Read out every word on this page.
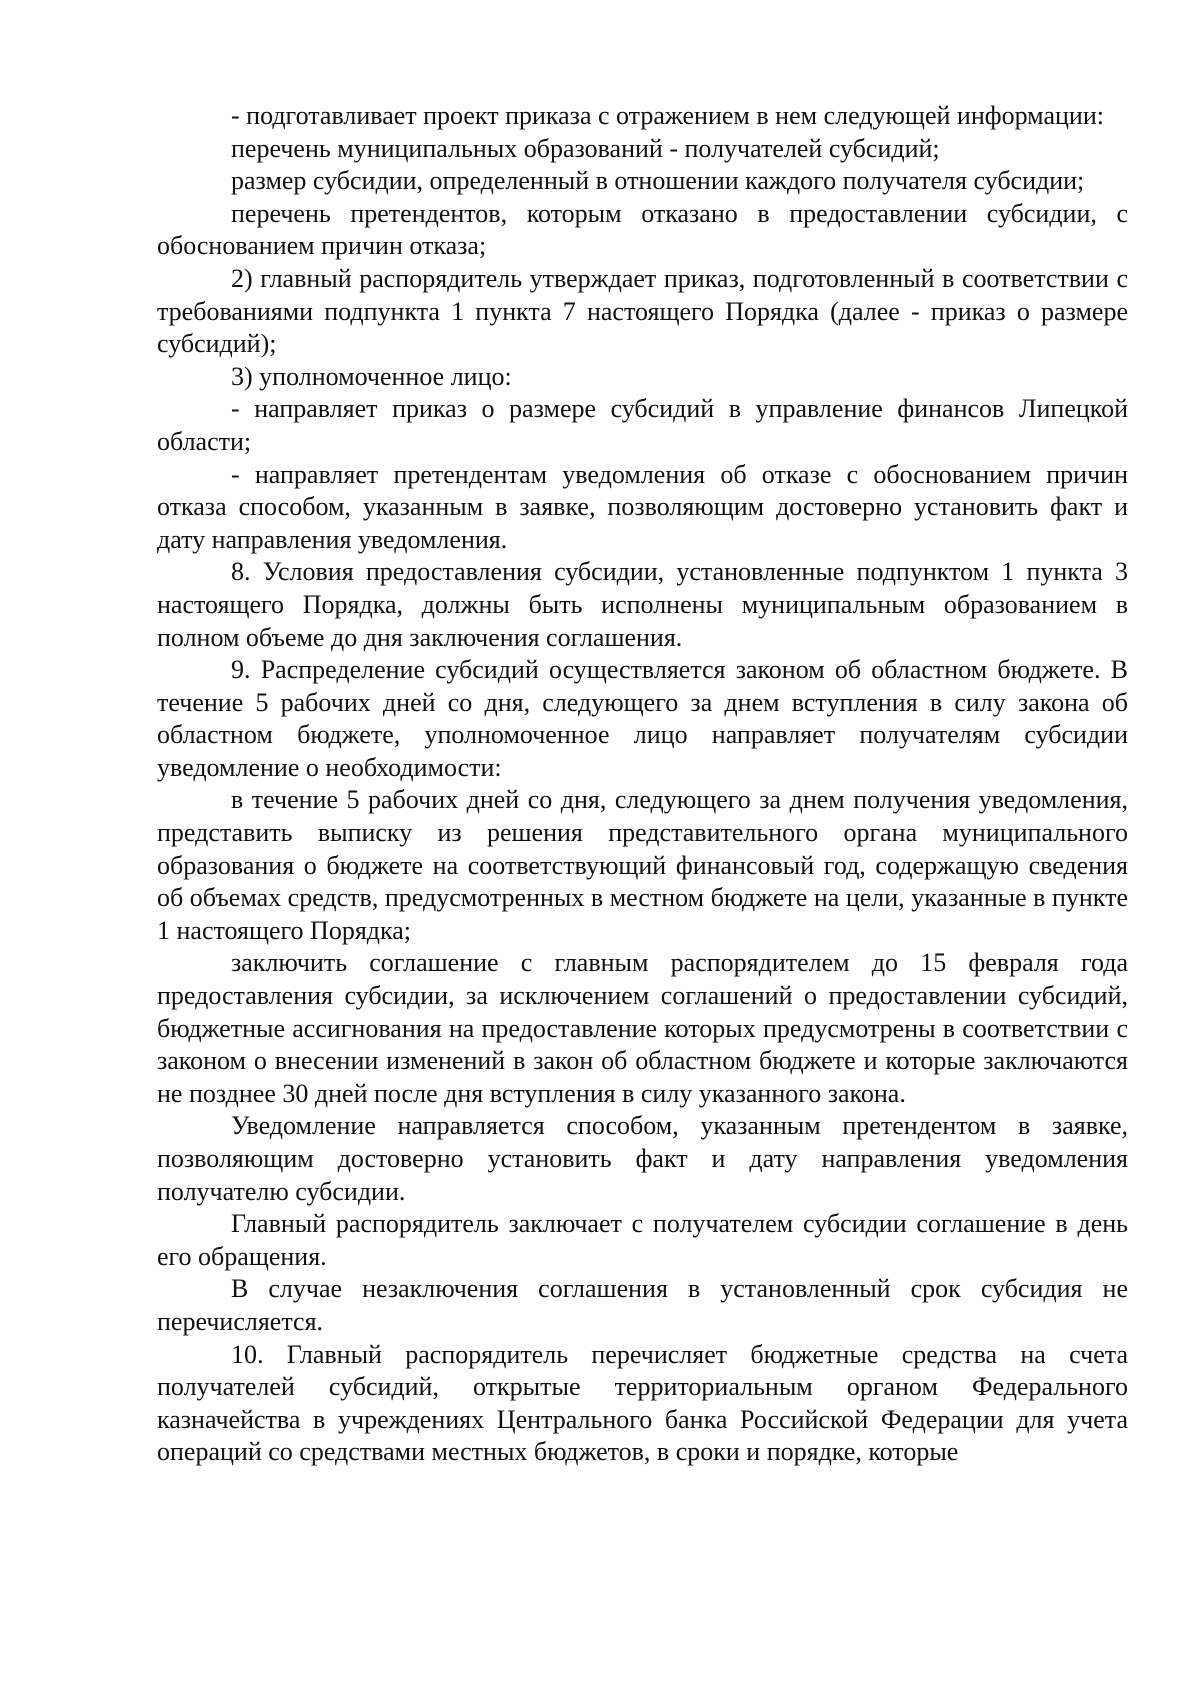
- подготавливает проект приказа с отражением в нем следующей информации:

перечень муниципальных образований - получателей субсидий;

размер субсидии, определенный в отношении каждого получателя субсидии;

перечень претендентов, которым отказано в предоставлении субсидии, с обоснованием причин отказа;

2) главный распорядитель утверждает приказ, подготовленный в соответствии с требованиями подпункта 1 пункта 7 настоящего Порядка (далее - приказ о размере субсидий);

3) уполномоченное лицо:

- направляет приказ о размере субсидий в управление финансов Липецкой области;

- направляет претендентам уведомления об отказе с обоснованием причин отказа способом, указанным в заявке, позволяющим достоверно установить факт и дату направления уведомления.

8. Условия предоставления субсидии, установленные подпунктом 1 пункта 3 настоящего Порядка, должны быть исполнены муниципальным образованием в полном объеме до дня заключения соглашения.

9. Распределение субсидий осуществляется законом об областном бюджете. В течение 5 рабочих дней со дня, следующего за днем вступления в силу закона об областном бюджете, уполномоченное лицо направляет получателям субсидии уведомление о необходимости:

в течение 5 рабочих дней со дня, следующего за днем получения уведомления, представить выписку из решения представительного органа муниципального образования о бюджете на соответствующий финансовый год, содержащую сведения об объемах средств, предусмотренных в местном бюджете на цели, указанные в пункте 1 настоящего Порядка;

заключить соглашение с главным распорядителем до 15 февраля года предоставления субсидии, за исключением соглашений о предоставлении субсидий, бюджетные ассигнования на предоставление которых предусмотрены в соответствии с законом о внесении изменений в закон об областном бюджете и которые заключаются не позднее 30 дней после дня вступления в силу указанного закона.

Уведомление направляется способом, указанным претендентом в заявке, позволяющим достоверно установить факт и дату направления уведомления получателю субсидии.

Главный распорядитель заключает с получателем субсидии соглашение в день его обращения.

В случае незаключения соглашения в установленный срок субсидия не перечисляется.

10. Главный распорядитель перечисляет бюджетные средства на счета получателей субсидий, открытые территориальным органом Федерального казначейства в учреждениях Центрального банка Российской Федерации для учета операций со средствами местных бюджетов, в сроки и порядке, которые
